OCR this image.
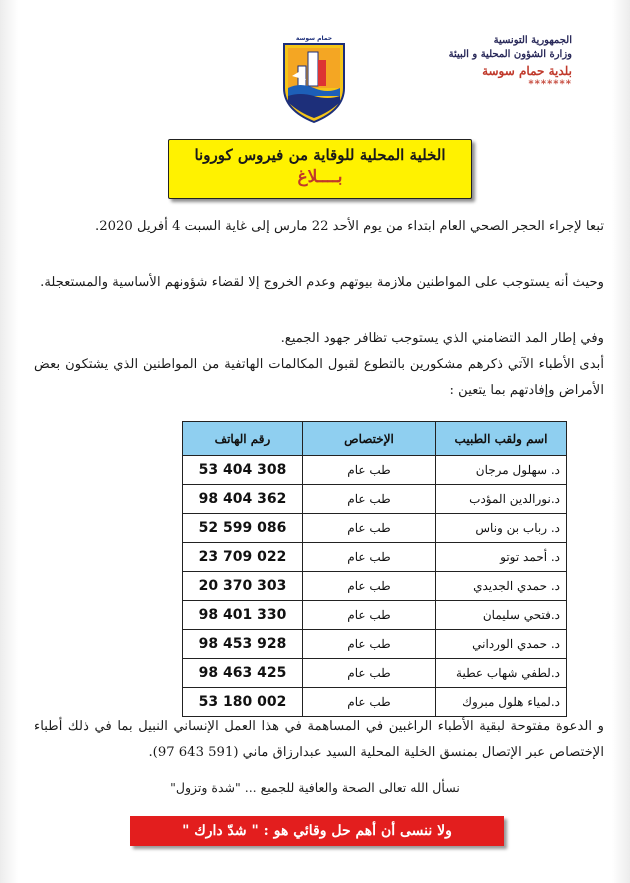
الجمهورية التونسية
وزارة الشؤون المحلية و البيئة
بلدية حمام سوسة
*******
حمام سوسة
الخلية المحلية للوقاية من فيروس كورونا
بــــلاغ
تبعا لإجراء الحجر الصحي العام ابتداء من يوم الأحد 22 مارس إلى غاية السبت 4 أفريل 2020.
وحيث أنه يستوجب على المواطنين ملازمة بيوتهم وعدم الخروج إلا لقضاء شؤونهم الأساسية والمستعجلة.
وفي إطار المد التضامني الذي يستوجب تظافر جهود الجميع.
أبدى الأطباء الآتي ذكرهم مشكورين بالتطوع لقبول المكالمات الهاتفية من المواطنين الذي يشتكون بعض الأمراض وإفادتهم بما يتعين :
اسم ولقب الطبيب	الإختصاص	رقم الهاتف
د. سهلول مرجان	طب عام	53 404 308
د.نورالدين المؤدب	طب عام	98 404 362
د. رباب بن وناس	طب عام	52 599 086
د. أحمد توتو	طب عام	23 709 022
د. حمدي الجديدي	طب عام	20 370 303
د.فتحي سليمان	طب عام	98 401 330
د. حمدي الورداني	طب عام	98 453 928
د.لطفي شهاب عطية	طب عام	98 463 425
د.لمياء هلول مبروك	طب عام	53 180 002
و الدعوة مفتوحة لبقية الأطباء الراغبين في المساهمة في هذا العمل الإنساني النبيل بما في ذلك أطباء الإختصاص عبر الإتصال بمنسق الخلية المحلية السيد عبدارزاق ماني (591 643 97).
نسأل الله تعالى الصحة والعافية للجميع ... "شدة وتزول"
ولا ننسى أن أهم حل وقائي هو : " شدّ دارك "
